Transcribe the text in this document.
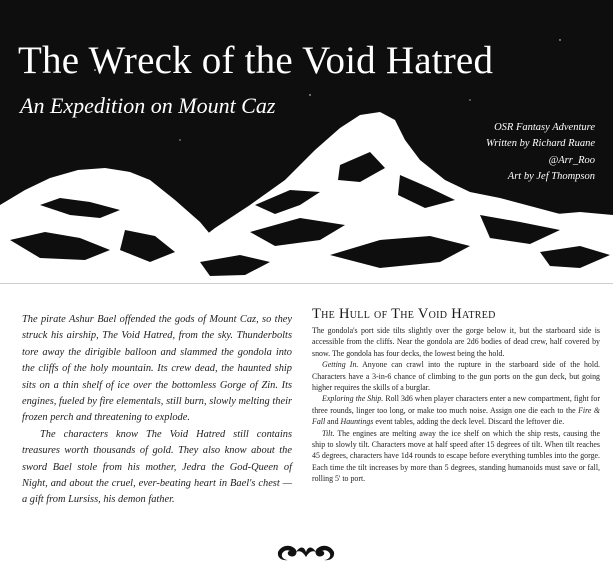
The Wreck of the Void Hatred
An Expedition on Mount Caz
OSR Fantasy Adventure
Written by Richard Ruane
@Arr_Roo
Art by Jef Thompson

The pirate Ashur Bael offended the gods of Mount Caz, so they struck his airship, The Void Hatred, from the sky. Thunderbolts tore away the dirigible balloon and slammed the gondola into the cliffs of the holy mountain. Its crew dead, the haunted ship sits on a thin shelf of ice over the bottomless Gorge of Zin. Its engines, fueled by fire elementals, still burn, slowly melting their frozen perch and threatening to explode.

The characters know The Void Hatred still contains treasures worth thousands of gold. They also know about the sword Bael stole from his mother, Jedra the God-Queen of Night, and about the cruel, ever-beating heart in Bael's chest — a gift from Lursiss, his demon father.

The Hull of The Void Hatred

The gondola's port side tilts slightly over the gorge below it, but the starboard side is accessible from the cliffs. Near the gondola are 2d6 bodies of dead crew, half covered by snow. The gondola has four decks, the lowest being the hold.

Getting In. Anyone can crawl into the rupture in the starboard side of the hold. Characters have a 3-in-6 chance of climbing to the gun ports on the gun deck, but going higher requires the skills of a burglar.

Exploring the Ship. Roll 3d6 when player characters enter a new compartment, fight for three rounds, linger too long, or make too much noise. Assign one die each to the Fire & Fall and Hauntings event tables, adding the deck level. Discard the leftover die.

Tilt. The engines are melting away the ice shelf on which the ship rests, causing the ship to slowly tilt. Characters move at half speed after 15 degrees of tilt. When tilt reaches 45 degrees, characters have 1d4 rounds to escape before everything tumbles into the gorge. Each time the tilt increases by more than 5 degrees, standing humanoids must save or fall, rolling 5' to port.
